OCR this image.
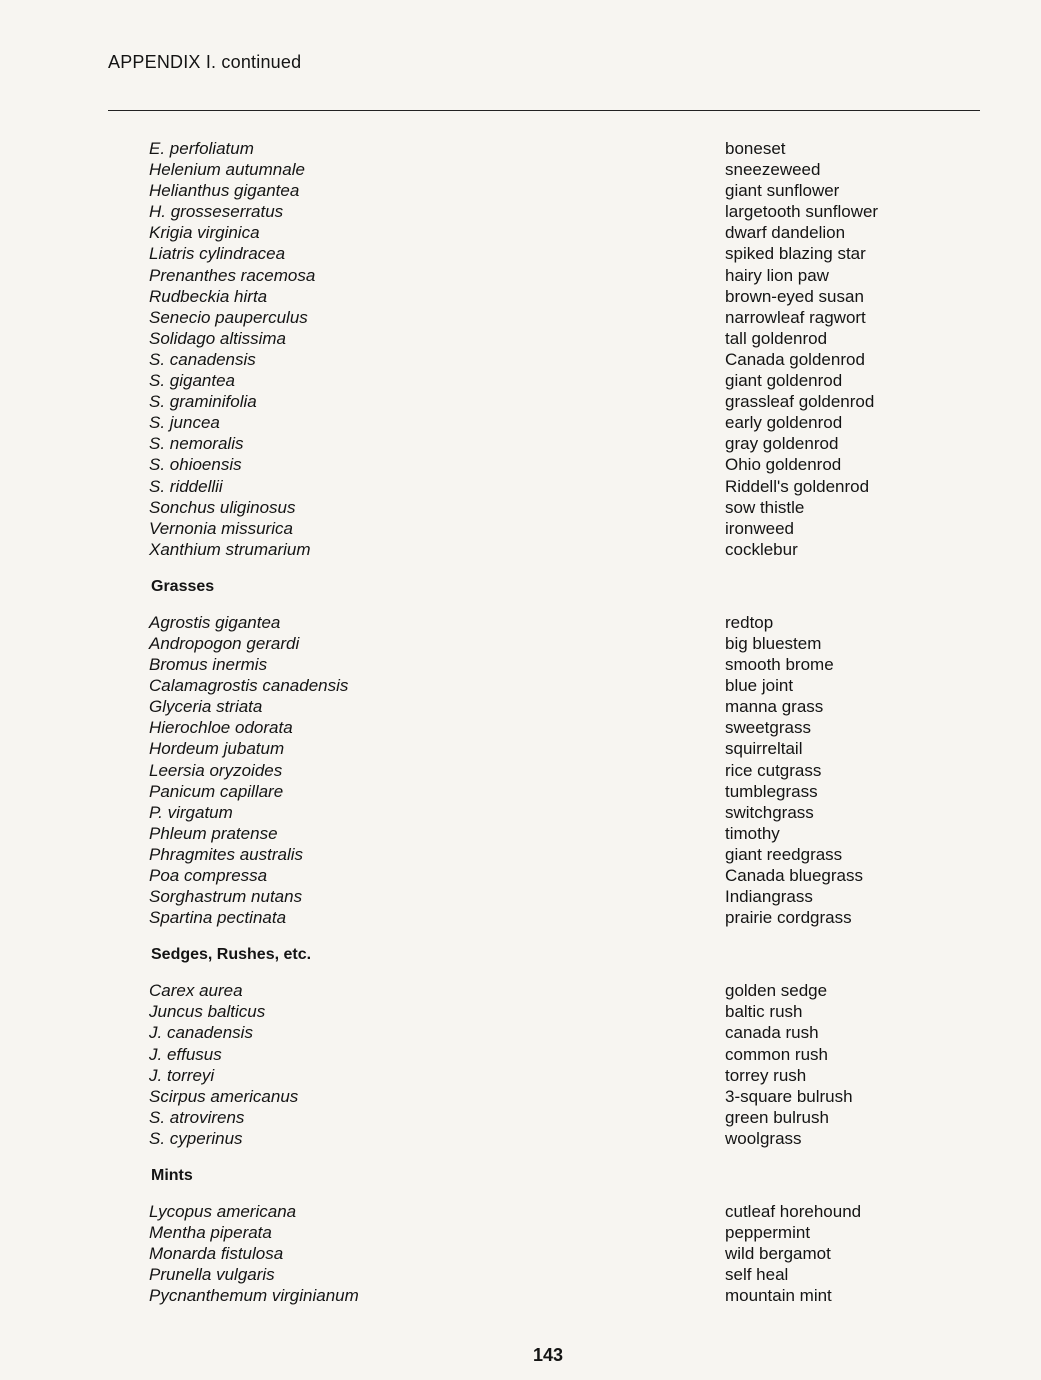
APPENDIX I. continued
E. perfoliatum	boneset
Helenium autumnale	sneezeweed
Helianthus gigantea	giant sunflower
H. grosseserratus	largetooth sunflower
Krigia virginica	dwarf dandelion
Liatris cylindracea	spiked blazing star
Prenanthes racemosa	hairy lion paw
Rudbeckia hirta	brown-eyed susan
Senecio pauperculus	narrowleaf ragwort
Solidago altissima	tall goldenrod
S. canadensis	Canada goldenrod
S. gigantea	giant goldenrod
S. graminifolia	grassleaf goldenrod
S. juncea	early goldenrod
S. nemoralis	gray goldenrod
S. ohioensis	Ohio goldenrod
S. riddellii	Riddell's goldenrod
Sonchus uliginosus	sow thistle
Vernonia missurica	ironweed
Xanthium strumarium	cocklebur
Grasses
Agrostis gigantea	redtop
Andropogon gerardi	big bluestem
Bromus inermis	smooth brome
Calamagrostis canadensis	blue joint
Glyceria striata	manna grass
Hierochloe odorata	sweetgrass
Hordeum jubatum	squirreltail
Leersia oryzoides	rice cutgrass
Panicum capillare	tumblegrass
P. virgatum	switchgrass
Phleum pratense	timothy
Phragmites australis	giant reedgrass
Poa compressa	Canada bluegrass
Sorghastrum nutans	Indiangrass
Spartina pectinata	prairie cordgrass
Sedges, Rushes, etc.
Carex aurea	golden sedge
Juncus balticus	baltic rush
J. canadensis	canada rush
J. effusus	common rush
J. torreyi	torrey rush
Scirpus americanus	3-square bulrush
S. atrovirens	green bulrush
S. cyperinus	woolgrass
Mints
Lycopus americana	cutleaf horehound
Mentha piperata	peppermint
Monarda fistulosa	wild bergamot
Prunella vulgaris	self heal
Pycnanthemum virginianum	mountain mint
143
